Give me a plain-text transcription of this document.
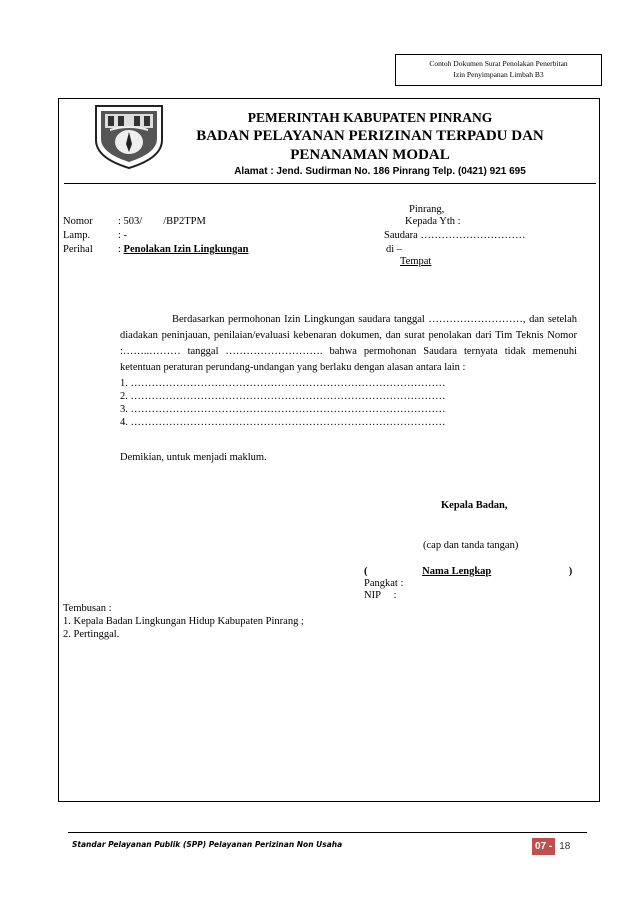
Contoh Dokumen Surat Penolakan Penerbitan
Izin Penyimpanan Limbah B3
PEMERINTAH KABUPATEN PINRANG
BADAN PELAYANAN PERIZINAN TERPADU DAN
PENANAMAN MODAL
Alamat : Jend. Sudirman No. 186 Pinrang Telp. (0421) 921 695
Nomor : 503/        /BP2TPM
Lamp.	: -
Perihal : Penolakan Izin Lingkungan
Pinrang,
Kepada Yth :
Saudara …………………………
di –
Tempat
Berdasarkan permohonan Izin Lingkungan saudara tanggal ………………………, dan setelah diadakan peninjauan, penilaian/evaluasi kebenaran dokumen, dan surat penolakan dari Tim Teknis Nomor :……..……… tanggal ………………………. bahwa permohonan Saudara ternyata tidak memenuhi ketentuan peraturan perundang-undangan yang berlaku dengan alasan antara lain :
1. ………………………………………………………………………………
2. ………………………………………………………………………………
3. ………………………………………………………………………………
4. ………………………………………………………………………………
Demikian, untuk menjadi maklum.
Kepala Badan,
(cap dan tanda tangan)
(	Nama Lengkap	)
Pangkat :
NIP     :
Tembusan :
1. Kepala Badan Lingkungan Hidup Kabupaten Pinrang ;
2. Pertinggal.
Standar Pelayanan Publik (SPP) Pelayanan Perizinan Non Usaha	07 - 18
